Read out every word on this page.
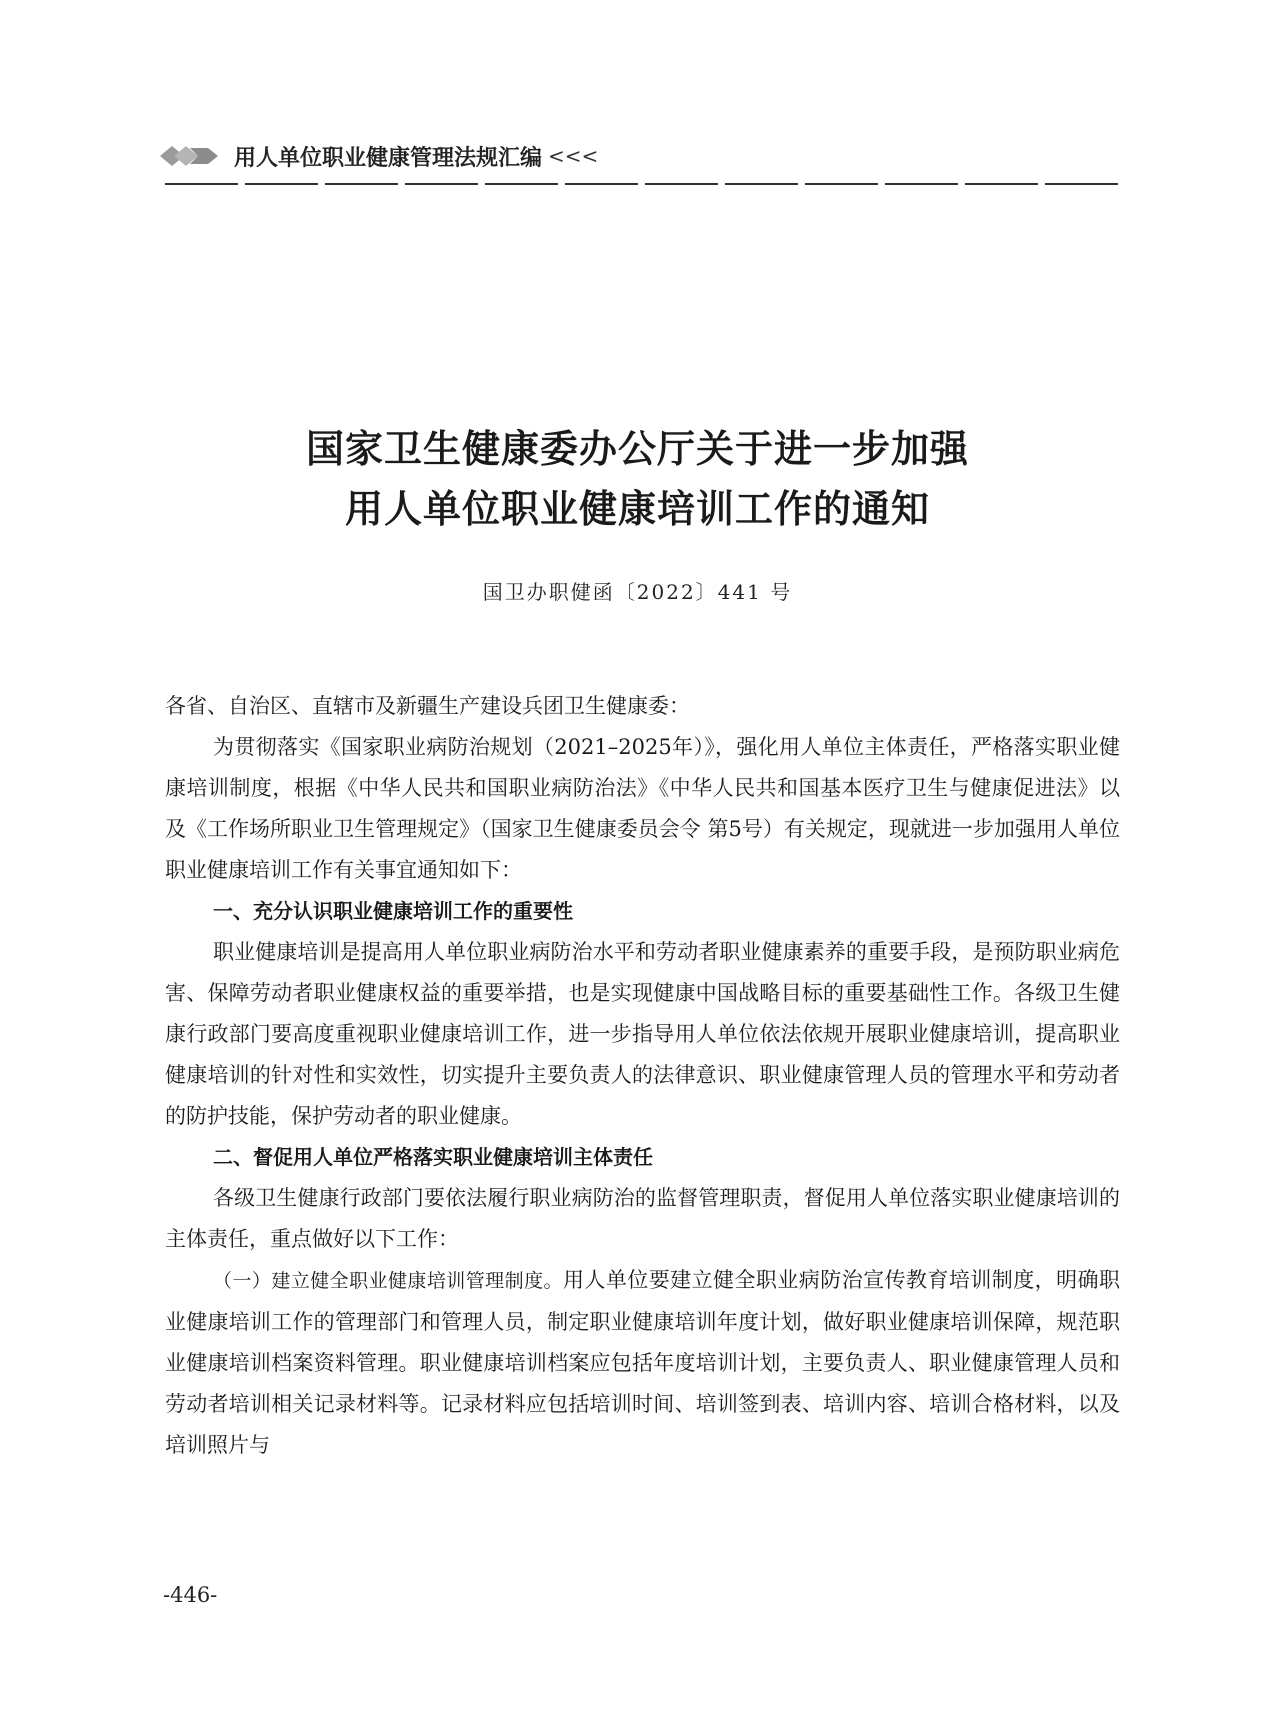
用人单位职业健康管理法规汇编 <<<
国家卫生健康委办公厅关于进一步加强
用人单位职业健康培训工作的通知
国卫办职健函〔2022〕441 号

各省、自治区、直辖市及新疆生产建设兵团卫生健康委：

为贯彻落实《国家职业病防治规划（2021–2025年）》，强化用人单位主体责任，严格落实职业健康培训制度，根据《中华人民共和国职业病防治法》《中华人民共和国基本医疗卫生与健康促进法》以及《工作场所职业卫生管理规定》（国家卫生健康委员会令 第5号）有关规定，现就进一步加强用人单位职业健康培训工作有关事宜通知如下：

一、充分认识职业健康培训工作的重要性

职业健康培训是提高用人单位职业病防治水平和劳动者职业健康素养的重要手段，是预防职业病危害、保障劳动者职业健康权益的重要举措，也是实现健康中国战略目标的重要基础性工作。各级卫生健康行政部门要高度重视职业健康培训工作，进一步指导用人单位依法依规开展职业健康培训，提高职业健康培训的针对性和实效性，切实提升主要负责人的法律意识、职业健康管理人员的管理水平和劳动者的防护技能，保护劳动者的职业健康。

二、督促用人单位严格落实职业健康培训主体责任

各级卫生健康行政部门要依法履行职业病防治的监督管理职责，督促用人单位落实职业健康培训的主体责任，重点做好以下工作：

（一）建立健全职业健康培训管理制度。用人单位要建立健全职业病防治宣传教育培训制度，明确职业健康培训工作的管理部门和管理人员，制定职业健康培训年度计划，做好职业健康培训保障，规范职业健康培训档案资料管理。职业健康培训档案应包括年度培训计划，主要负责人、职业健康管理人员和劳动者培训相关记录材料等。记录材料应包括培训时间、培训签到表、培训内容、培训合格材料，以及培训照片与

-446-
